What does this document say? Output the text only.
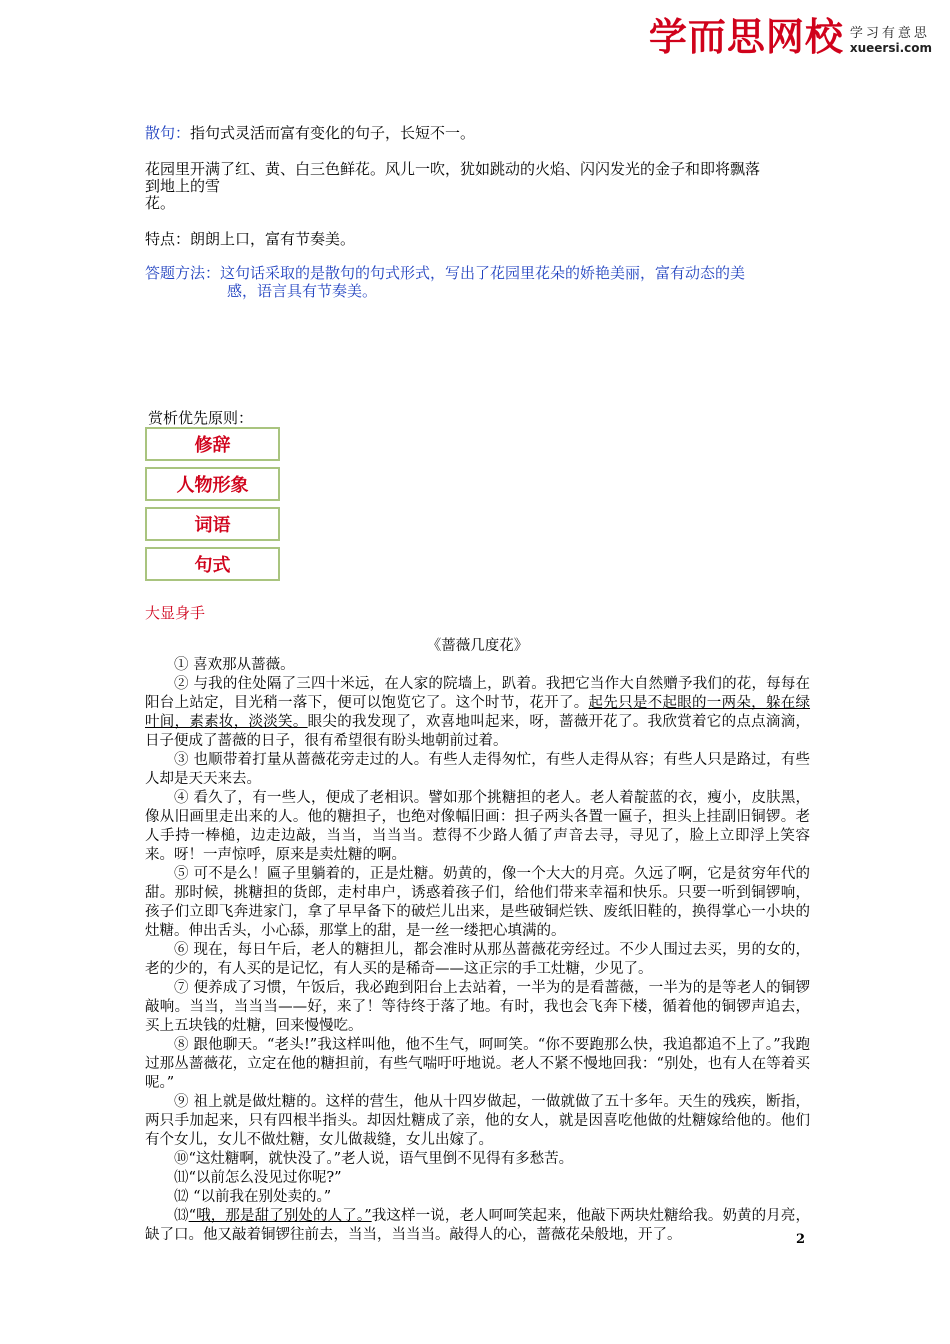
学而思网校 学习有意思
xueersi.com
散句：指句式灵活而富有变化的句子，长短不一。
花园里开满了红、黄、白三色鲜花。风儿一吹，犹如跳动的火焰、闪闪发光的金子和即将飘落
到地上的雪
花。
特点：朗朗上口，富有节奏美。
答题方法：这句话采取的是散句的句式形式，写出了花园里花朵的娇艳美丽，富有动态的美
感，语言具有节奏美。
赏析优先原则：
修辞
人物形象
词语
句式
大显身手

《蔷薇几度花》

① 喜欢那从蔷薇。

② 与我的住处隔了三四十米远，在人家的院墙上，趴着。我把它当作大自然赠予我们的花，每每在阳台上站定，目光稍一落下，便可以饱览它了。这个时节，花开了。起先只是不起眼的一两朵，躲在绿叶间，素素妆，淡淡笑。眼尖的我发现了，欢喜地叫起来，呀，蔷薇开花了。我欣赏着它的点点滴滴，日子便成了蔷薇的日子，很有希望很有盼头地朝前过着。

③ 也顺带着打量从蔷薇花旁走过的人。有些人走得匆忙，有些人走得从容；有些人只是路过，有些人却是天天来去。

④ 看久了，有一些人，便成了老相识。譬如那个挑糖担的老人。老人着靛蓝的衣，瘦小，皮肤黑，像从旧画里走出来的人。他的糖担子，也绝对像幅旧画：担子两头各置一匾子，担头上挂副旧铜锣。老人手持一棒槌，边走边敲，当当，当当当。惹得不少路人循了声音去寻，寻见了，脸上立即浮上笑容来。呀！一声惊呼，原来是卖灶糖的啊。

⑤ 可不是么！匾子里躺着的，正是灶糖。奶黄的，像一个大大的月亮。久远了啊，它是贫穷年代的甜。那时候，挑糖担的货郎，走村串户，诱惑着孩子们，给他们带来幸福和快乐。只要一听到铜锣响，孩子们立即飞奔进家门，拿了早早备下的破烂儿出来，是些破铜烂铁、废纸旧鞋的，换得掌心一小块的灶糖。伸出舌头，小心舔，那掌上的甜，是一丝一缕把心填满的。

⑥ 现在，每日午后，老人的糖担儿，都会准时从那丛蔷薇花旁经过。不少人围过去买，男的女的，老的少的，有人买的是记忆，有人买的是稀奇——这正宗的手工灶糖，少见了。

⑦ 便养成了习惯，午饭后，我必跑到阳台上去站着，一半为的是看蔷薇，一半为的是等老人的铜锣敲响。当当，当当当——好，来了！等待终于落了地。有时，我也会飞奔下楼，循着他的铜锣声追去，买上五块钱的灶糖，回来慢慢吃。

⑧ 跟他聊天。“老头!”我这样叫他，他不生气，呵呵笑。“你不要跑那么快，我追都追不上了。”我跑过那丛蔷薇花，立定在他的糖担前，有些气喘吁吁地说。老人不紧不慢地回我：“别处，也有人在等着买呢。”

⑨ 祖上就是做灶糖的。这样的营生，他从十四岁做起，一做就做了五十多年。天生的残疾，断指，两只手加起来，只有四根半指头。却因灶糖成了亲，他的女人，就是因喜吃他做的灶糖嫁给他的。他们有个女儿，女儿不做灶糖，女儿做裁缝，女儿出嫁了。

⑩“这灶糖啊，就快没了。”老人说，语气里倒不见得有多愁苦。

⑾“以前怎么没见过你呢?”

⑿ “以前我在别处卖的。”

⒀“哦，那是甜了别处的人了。”我这样一说，老人呵呵笑起来，他敲下两块灶糖给我。奶黄的月亮，缺了口。他又敲着铜锣往前去，当当，当当当。敲得人的心，蔷薇花朵般地，开了。	2
